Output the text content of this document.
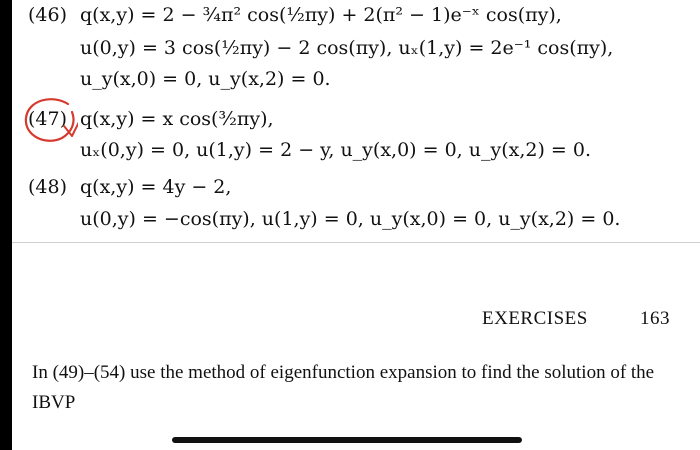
(46) q(x,y) = 2 − ¾π² cos(½πy) + 2(π² − 1)e⁻ˣ cos(πy),
u(0,y) = 3 cos(½πy) − 2 cos(πy), uₓ(1,y) = 2e⁻¹ cos(πy),
u_y(x,0) = 0, u_y(x,2) = 0.
(47) q(x,y) = x cos(³⁄₂πy),
uₓ(0,y) = 0, u(1,y) = 2 − y, u_y(x,0) = 0, u_y(x,2) = 0.
(48) q(x,y) = 4y − 2,
u(0,y) = −cos(πy), u(1,y) = 0, u_y(x,0) = 0, u_y(x,2) = 0.
EXERCISES	163
In (49)–(54) use the method of eigenfunction expansion to find the solution of the IBVP
